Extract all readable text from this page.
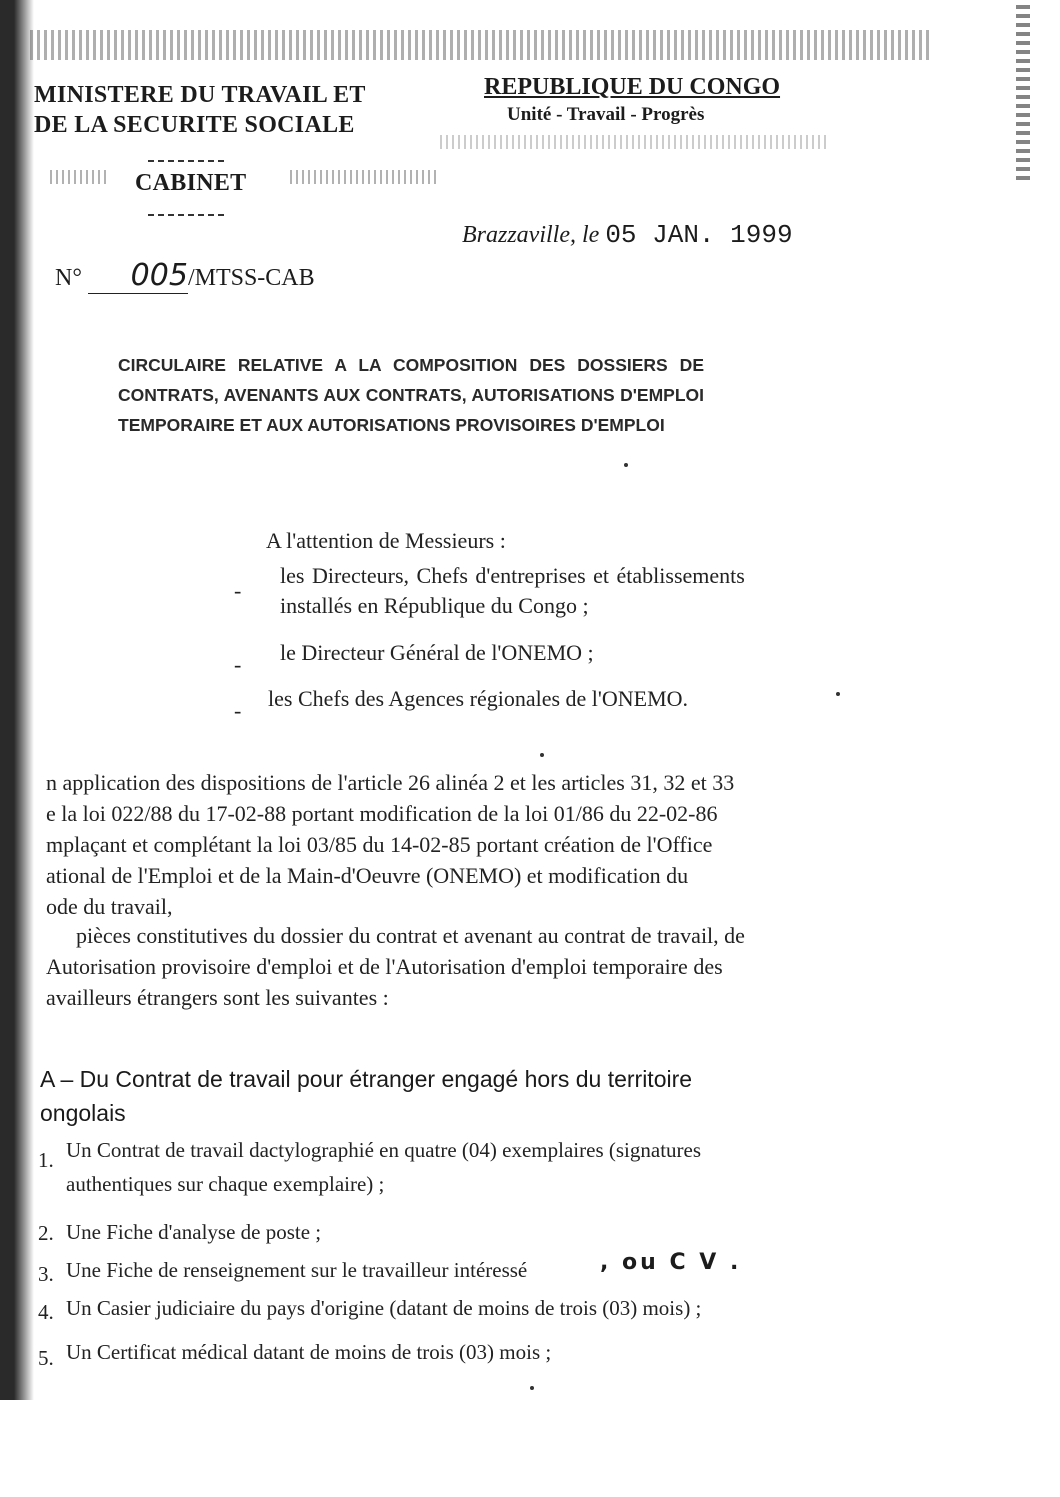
MINISTERE DU TRAVAIL ET
DE LA SECURITE SOCIALE
CABINET
REPUBLIQUE DU CONGO
Unité - Travail - Progrès
Brazzaville, le 05 JAN. 1999
N° 005/MTSS-CAB
CIRCULAIRE RELATIVE A LA COMPOSITION DES DOSSIERS DE CONTRATS, AVENANTS AUX CONTRATS, AUTORISATIONS D'EMPLOI TEMPORAIRE ET AUX AUTORISATIONS PROVISOIRES D'EMPLOI
A l'attention de Messieurs :
-
les Directeurs, Chefs d'entreprises et établissements
installés en République du Congo ;
- le Directeur Général de l'ONEMO ;
- les Chefs des Agences régionales de l'ONEMO.
n application des dispositions de l'article 26 alinéa 2 et les articles 31, 32 et 33
e la loi 022/88 du 17-02-88 portant modification de la loi 01/86 du 22-02-86
mplaçant et complétant la loi 03/85 du 14-02-85 portant création de l'Office
ational de l'Emploi et de la Main-d'Oeuvre (ONEMO) et modification du
ode du travail,
pièces constitutives du dossier du contrat et avenant au contrat de travail, de
Autorisation provisoire d'emploi et de l'Autorisation d'emploi temporaire des
availleurs étrangers sont les suivantes :
A – Du Contrat de travail pour étranger engagé hors du territoire
ongolais
1. Un Contrat de travail dactylographié en quatre (04) exemplaires (signatures
authentiques sur chaque exemplaire) ;
2. Une Fiche d'analyse de poste ;
3. Une Fiche de renseignement sur le travailleur intéressé	, ou C V .
4. Un Casier judiciaire du pays d'origine (datant de moins de trois (03) mois) ;
5. Un Certificat médical datant de moins de trois (03) mois ;
